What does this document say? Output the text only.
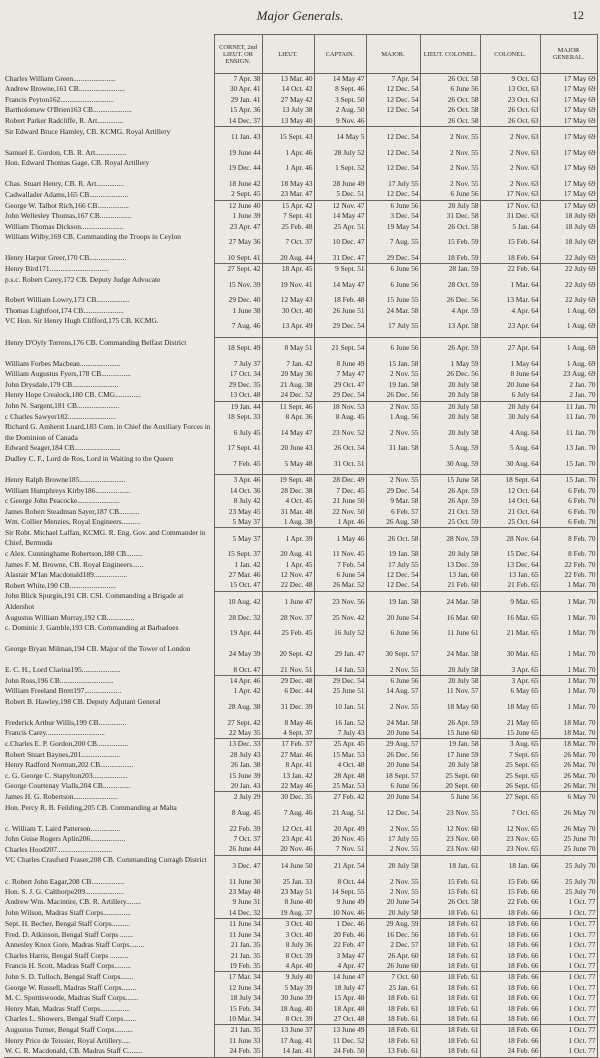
Major Generals.	12
	CORNET, 2nd LIEUT. OR ENSIGN.	LIEUT.	CAPTAIN.	MAJOR.	LIEUT. COLONEL.	COLONEL.	MAJOR GENERAL.
Charles William Green.......................	7 Apr. 38	13 Mar. 40	14 May 47	7 Apr. 54	26 Oct. 58	9 Oct. 63	17 May 69
Andrew Browne,161 CB.........................	30 Apr. 41	14 Oct. 42	8 Sept. 46	12 Dec. 54	6 June 56	13 Oct. 63	17 May 69
Francis Peyton162.............................	29 Jan. 41	27 May 42	3 Sept. 50	12 Dec. 54	26 Oct. 58	23 Oct. 63	17 May 69
Bartholomew O'Brien163 CB.....................	15 Apr. 36	13 July 38	2 Aug. 50	12 Dec. 54	26 Oct. 58	26 Oct. 63	17 May 69
Robert Parker Radcliffe, R. Art..............	14 Dec. 37	13 May 40	9 Nov. 46		26 Oct. 58	26 Oct. 63	17 May 69
Sir Edward Bruce Hamley, CB. KCMG. Royal Artillery	11 Jan. 43	15 Sept. 43	14 May 5	12 Dec. 54	2 Nov. 55	2 Nov. 63	17 May 69
Samuel E. Gordon, CB. R. Art.................	19 June 44	1 Apr. 46	28 July 52	12 Dec. 54	2 Nov. 55	2 Nov. 63	17 May 69
Hon. Edward Thomas Gage, CB. Royal Artillery	19 Dec. 44	1 Apr. 46	1 Sept. 52	12 Dec. 54	2 Nov. 55	2 Nov. 63	17 May 69
Chas. Stuart Henry, CB. R. Art...............	18 June 42	18 May 43	28 June 49	17 July 55	2 Nov. 55	2 Nov. 63	17 May 69
Cadwallader Adams,165 CB.....................	2 Sept. 45	23 Mar. 47	5 Dec. 51	12 Dec. 54	6 June 56	17 Nov. 63	17 May 69
George W. Talbot Rich,166 CB.................	12 June 40	15 Apr. 42	12 Nov. 47	6 June 56	20 July 58	17 Nov. 63	17 May 69
John Wellesley Thomas,167 CB.................	1 June 39	7 Sept. 41	14 May 47	3 Dec. 54	31 Dec. 58	31 Dec. 63	18 July 69
William Thomas Dickson.......................	23 Apr. 47	25 Feb. 48	25 Apr. 51	19 May 54	26 Oct. 58	5 Jan. 64	18 July 69
William Wilby,169 CB. Commanding the Troops in Ceylon	27 May 36	7 Oct. 37	10 Dec. 47	7 Aug. 55	15 Feb. 59	15 Feb. 64	18 July 69
Henry Harpur Greer,170 CB....................	10 Sept. 41	20 Aug. 44	31 Dec. 47	29 Dec. 54	18 Feb. 59	18 Feb. 64	22 July 69
Henry Bird171................................	27 Sept. 42	18 Apr. 45	9 Sept. 51	6 June 56	28 Jan. 59	22 Feb. 64	22 July 69
p.s.c. Robert Carey,172 CB. Deputy Judge Advocate	15 Nov. 39	19 Nov. 41	14 May 47	6 June 56	28 Oct. 59	1 Mar. 64	22 July 69
Robert William Lowry,173 CB..................	29 Dec. 40	12 May 43	18 Feb. 48	15 June 55	26 Dec. 56	13 Mar. 64	22 July 69
Thomas Lightfoot,174 CB......................	1 June 38	30 Oct. 40	26 June 51	24 Mar. 58	4 Apr. 59	4 Apr. 64	1 Aug. 69
VC Hon. Sir Henry Hugh Clifford,175 CB. KCMG.	7 Aug. 46	13 Apr. 49	29 Dec. 54	17 July 55	13 Apr. 58	23 Apr. 64	1 Aug. 69
Henry D'Oyly Torrens,176 CB. Commanding Belfast District	18 Sept. 49	8 May 51	21 Sept. 54	6 June 56	26 Apr. 59	27 Apr. 64	1 Aug. 69
William Forbes Macbean......................	7 July 37	7 Jan. 42	8 June 49	15 Jan. 58	1 May 59	1 May 64	1 Aug. 69
William Augustus Fyers,178 CB................	17 Oct. 34	20 May 36	7 May 47	2 Nov. 55	26 Dec. 56	8 June 64	23 Aug. 69
John Drysdale,179 CB.........................	29 Dec. 35	21 Aug. 38	29 Oct. 47	19 Jan. 58	20 July 58	20 June 64	2 Jan. 70
Henry Hope Crealock,180 CB. CMG..............	13 Oct. 48	24 Dec. 52	29 Dec. 54	26 Dec. 56	20 July 58	6 July 64	2 Jan. 70
John N. Sargent,181 CB.......................	19 Jan. 44	11 Sept. 46	18 Nov. 53	2 Nov. 55	20 July 58	20 July 64	11 Jan. 70
c Charles Sawyer182..........................	18 Sept. 33	8 Apr. 36	8 Aug. 45	1 Aug. 56	20 July 58	30 July 64	11 Jan. 70
Richard G. Amherst Luard,183 Com. in Chief the Auxiliary Forces in the Dominion of Canada	6 July 45	14 May 47	23 Nov. 52	2 Nov. 55	20 July 58	4 Aug. 64	11 Jan. 70
Edward Seager,184 CB.........................	17 Sept. 41	20 June 43	26 Oct. 54	31 Jan. 58	5 Aug. 59	5 Aug. 64	13 Jan. 70
Dudley C. F., Lord de Ros, Lord in Waiting to the Queen	7 Feb. 45	5 May 48	31 Oct. 51		30 Aug. 59	30 Aug. 64	15 Jan. 70
Henry Ralph Browne185.........................	3 Apr. 46	19 Sept. 48	28 Dec. 49	2 Nov. 55	15 June 58	18 Sept. 64	15 Jan. 70
William Humphreys Kirby186...................	14 Oct. 36	28 Dec. 38	7 Dec. 45	29 Dec. 54	26 Apr. 59	12 Oct. 64	6 Feb. 70
c George John Peacocke.......................	8 July 42	4 Oct. 45	21 June 50	9 Mar. 58	26 Apr. 59	14 Oct. 64	6 Feb. 70
James Robert Steadman Sayer,187 CB...........	23 May 45	31 Mar. 48	22 Nov. 50	6 Feb. 57	21 Oct. 59	21 Oct. 64	6 Feb. 70
Wm. Collier Menzies, Royal Engineers..........	5 May 37	1 Aug. 38	1 Apr. 46	26 Aug. 58	25 Oct. 59	25 Oct. 64	6 Feb. 70
Sir Robt. Michael Laffan, KCMG. R. Eng. Gov. and Commander in Chief, Bermuda	5 May 37	1 Apr. 39	1 May 46	26 Oct. 58	28 Nov. 59	28 Nov. 64	8 Feb. 70
c Alex. Cunninghame Robertson,188 CB.........	15 Sept. 37	20 Aug. 41	11 Nov. 45	19 Jan. 58	20 July 58	15 Dec. 64	8 Feb. 70
James F. M. Browne, CB. Royal Engineers......	1 Jan. 42	1 Apr. 45	7 Feb. 54	17 July 55	13 Dec. 59	13 Dec. 64	22 Feb. 70
Alastair M'Ian Macdonald189..................	27 Mar. 46	12 Nov. 47	6 June 54	12 Dec. 54	13 Jan. 60	13 Jan. 65	22 Feb. 70
Robert White,190 CB.........................	15 Oct. 47	22 Dec. 48	26 Mar. 52	12 Dec. 54	21 Feb. 60	21 Feb. 65	1 Mar. 70
John Blick Spurgin,191 CB. CSI. Commanding a Brigade at Aldershot	10 Aug. 42	1 June 47	23 Nov. 56	19 Jan. 58	24 Mar. 58	9 Mar. 65	1 Mar. 70
Augustus William Murray,192 CB...............	28 Dec. 32	28 Nov. 37	25 Nov. 42	20 June 54	16 Mar. 60	16 Mar. 65	1 Mar. 70
c. Dominic J. Gamble,193 CB. Commanding at Barbadoes	19 Apr. 44	25 Feb. 45	16 July 52	6 June 56	11 June 61	21 Mar. 65	1 Mar. 70
George Bryan Milman,194 CB. Major of the Tower of London	24 May 39	20 Sept. 42	29 Jan. 47	30 Sept. 57	24 Mar. 58	30 Mar. 65	1 Mar. 70
E. C. H., Lord Clarina195.....................	8 Oct. 47	21 Nov. 51	14 Jan. 53	2 Nov. 55	20 July 58	3 Apr. 65	1 Mar. 70
John Ross,196 CB.............................	14 Apr. 46	29 Dec. 48	29 Dec. 54	6 June 56	20 July 58	3 Apr. 65	1 Mar. 70
William Freeland Brett197....................	1 Apr. 42	6 Dec. 44	25 June 51	14 Aug. 57	11 Nov. 57	6 May 65	1 Mar. 70
Robert B. Hawley,198 CB. Deputy Adjutant General	28 Aug. 38	31 Dec. 39	10 Jan. 51	2 Nov. 55	18 May 60	18 May 65	1 Mar. 70
Frederick Arthur Willis,199 CB...............	27 Sept. 42	8 May 46	16 Jan. 52	24 Mar. 58	26 Apr. 59	21 May 65	18 Mar. 70
Francis Carey................................	22 May 35	4 Sept. 37	7 July 43	20 June 54	15 June 60	15 June 65	18 Mar. 70
c.Charles E. P. Gordon,200 CB.................	13 Dec. 33	17 Feb. 37	25 Apr. 45	29 Aug. 57	19 Jan. 58	3 Aug. 65	18 Mar. 70
Robert Stuart Baynes,201.....................	28 July 43	27 Mar. 46	15 Mar. 53	26 Dec. 56	17 June 59	7 Sept. 65	26 Mar. 70
Henry Radford Norman,202 CB..................	26 Jan. 38	8 Apr. 41	4 Oct. 48	20 June 54	20 July 58	25 Sept. 65	26 Mar. 70
c. G. George C. Stapylton203...................	15 June 39	13 Jan. 42	28 Apr. 48	18 Sept. 57	25 Sept. 60	25 Sept. 65	26 Mar. 70
George Courtenay Vialls,204 CB...............	20 Jan. 43	22 May 46	25 Mar. 53	6 June 56	20 Sept. 60	26 Sept. 65	26 Mar. 70
James H. G. Robertson........................	2 July 29	30 Dec. 35	27 Feb. 42	20 June 54	5 June 56	27 Sept. 65	6 May 70
Hon. Percy R. B. Feilding,205 CB. Commanding at Malta	8 Aug. 45	7 Aug. 46	21 Aug. 51	12 Dec. 54	23 Nov. 55	7 Oct. 65	26 May 70
c. William T. Laird Patterson................	22 Feb. 39	12 Oct. 41	20 Apr. 49	2 Nov. 55	12 Nov. 60	12 Nov. 65	26 May 70
John Guise Rogers Aplin206...................	7 Oct. 37	23 Apr. 41	20 Nov. 45	17 July 55	23 Nov. 60	23 Nov. 65	25 June 70
Charles Hood207..............................	26 June 44	20 Nov. 46	7 Nov. 51	2 Nov. 55	23 Nov. 60	23 Nov. 65	25 June 70
VC Charles Craufurd Fraser,208 CB. Commanding Curragh District	3 Dec. 47	14 June 50	21 Apr. 54	20 July 58	18 Jan. 61	18 Jan. 66	25 July 70
c. Robert John Eagar,208 CB..................	11 June 30	25 Jan. 33	8 Oct. 44	2 Nov. 55	15 Feb. 61	15 Feb. 66	25 July 70
Hon. S. J. G. Calthorpe209.....................	23 May 48	23 May 51	14 Sept. 55	2 Nov. 55	15 Feb. 61	15 Feb. 66	25 July 70
Andrew Wm. Macintire, CB. R. Artillery........	9 June 31	8 June 40	9 June 49	20 June 54	26 Oct. 58	22 Feb. 66	1 Oct. 77
John Wilson, Madras Staff Corps...............	14 Dec. 32	19 Aug. 37	10 Nov. 46	20 July 58	18 Feb. 61	18 Feb. 66	1 Oct. 77
Sept. H. Becher, Bengal Staff Corps..........	11 June 34	3 Oct. 40	1 Dec. 46	29 Aug. 59	18 Feb. 61	18 Feb. 66	1 Oct. 77
Fred. D. Atkinson, Bengal Staff Corps .......	11 June 34	3 Oct. 40	20 Feb. 46	16 Dec. 56	18 Feb. 61	18 Feb. 66	1 Oct. 77
Annesley Knox Gore, Madras Staff Corps........	21 Jan. 35	8 July 36	22 Feb. 47	2 Dec. 57	18 Feb. 61	18 Feb. 66	1 Oct. 77
Charles Harris, Bengal Staff Corps ..........	21 Jan. 35	8 Oct. 39	3 May 47	26 Apr. 60	18 Feb. 61	18 Feb. 66	1 Oct. 77
Francis H. Scott, Madras Staff Corps.........	19 Feb. 35	4 Apr. 40	4 Apr. 47	26 June 60	18 Feb. 61	18 Feb. 66	1 Oct. 77
John S. D. Tulloch, Bengal Staff Corps.......	17 Mar. 34	9 July 40	14 June 47	7 Oct. 60	18 Feb. 61	18 Feb. 66	1 Oct. 77
George W. Russell, Madras Staff Corps........	12 June 34	5 May 39	18 July 47	25 Jan. 61	18 Feb. 61	18 Feb. 66	1 Oct. 77
M. C. Spottiswoode, Madras Staff Corps.......	18 July 34	30 June 39	15 Apr. 48	18 Feb. 61	18 Feb. 61	18 Feb. 66	1 Oct. 77
Henry Man, Madras Staff Corps................	15 Feb. 34	18 Aug. 40	18 Apr. 48	18 Feb. 61	18 Feb. 61	18 Feb. 66	1 Oct. 77
Charles L. Showers, Bengal Staff Corps.......	10 Mar. 34	8 Oct. 39	27 Oct. 48	18 Feb. 61	18 Feb. 61	18 Feb. 66	1 Oct. 77
Augustus Turner, Bengal Staff Corps..........	21 Jan. 35	13 June 37	13 June 49	18 Feb. 61	18 Feb. 61	18 Feb. 66	1 Oct. 77
Henry Price de Teissier, Royal Artillery.....	11 June 33	17 Aug. 41	11 Dec. 52	18 Feb. 61	18 Feb. 61	18 Feb. 66	1 Oct. 77
W. C. R. Macdonald, CB. Madras Staff C........	24 Feb. 35	14 Jan. 41	24 Feb. 50	13 Feb. 61	18 Feb. 61	24 Feb. 66	1 Oct. 77
